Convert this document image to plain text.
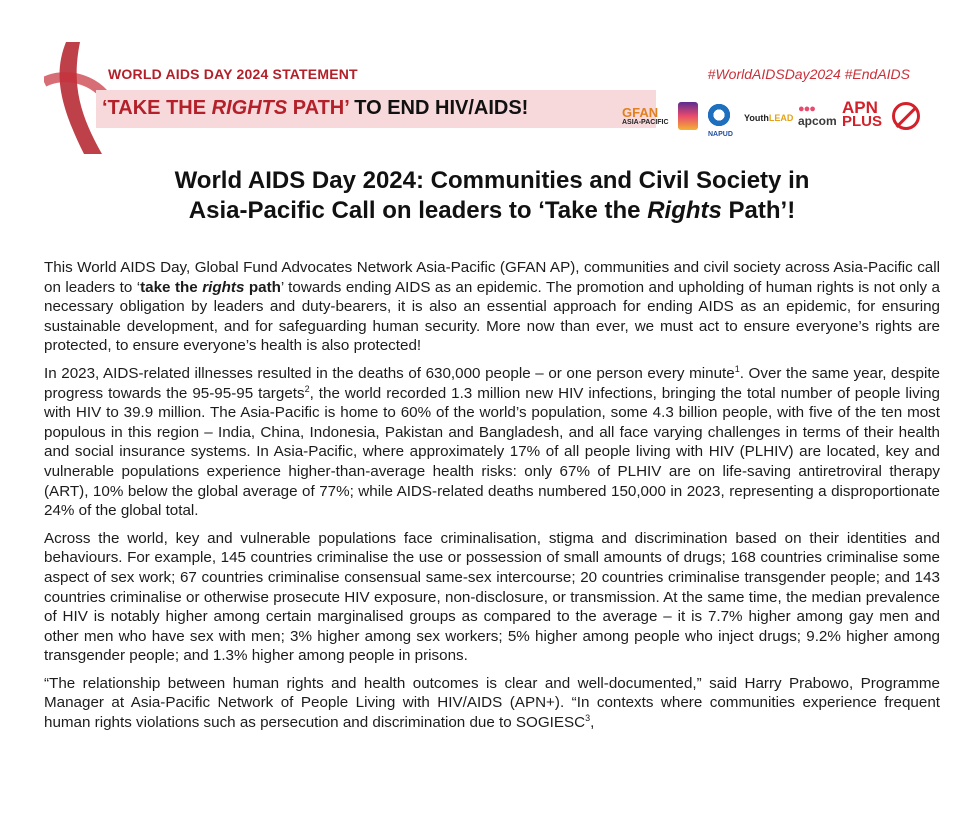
WORLD AIDS DAY 2024 STATEMENT	#WorldAIDSDay2024 #EndAIDS
‘TAKE THE RIGHTS PATH’ TO END HIV/AIDS!	GFAN
ASIA-PACIFIC
NAPUD
YouthLEAD
●●●
apcom
APN
PLUS
World AIDS Day 2024: Communities and Civil Society in
Asia-Pacific Call on leaders to ‘Take the Rights Path’!

This World AIDS Day, Global Fund Advocates Network Asia-Pacific (GFAN AP), communities and civil society across Asia-Pacific call on leaders to ‘take the rights path’ towards ending AIDS as an epidemic. The promotion and upholding of human rights is not only a necessary obligation by leaders and duty-bearers, it is also an essential approach for ending AIDS as an epidemic, for ensuring sustainable development, and for safeguarding human security. More now than ever, we must act to ensure everyone’s rights are protected, to ensure everyone’s health is also protected!

In 2023, AIDS-related illnesses resulted in the deaths of 630,000 people – or one person every minute$^1$. Over the same year, despite progress towards the 95-95-95 targets$^2$, the world recorded 1.3 million new HIV infections, bringing the total number of people living with HIV to 39.9 million. The Asia-Pacific is home to 60% of the world’s population, some 4.3 billion people, with five of the ten most populous in this region – India, China, Indonesia, Pakistan and Bangladesh, and all face varying challenges in terms of their health and social insurance systems. In Asia-Pacific, where approximately 17% of all people living with HIV (PLHIV) are located, key and vulnerable populations experience higher-than-average health risks: only 67% of PLHIV are on life-saving antiretroviral therapy (ART), 10% below the global average of 77%; while AIDS-related deaths numbered 150,000 in 2023, representing a disproportionate 24% of the global total.

Across the world, key and vulnerable populations face criminalisation, stigma and discrimination based on their identities and behaviours. For example, 145 countries criminalise the use or possession of small amounts of drugs; 168 countries criminalise some aspect of sex work; 67 countries criminalise consensual same-sex intercourse; 20 countries criminalise transgender people; and 143 countries criminalise or otherwise prosecute HIV exposure, non-disclosure, or transmission. At the same time, the median prevalence of HIV is notably higher among certain marginalised groups as compared to the average – it is 7.7% higher among gay men and other men who have sex with men; 3% higher among sex workers; 5% higher among people who inject drugs; 9.2% higher among transgender people; and 1.3% higher among people in prisons.

“The relationship between human rights and health outcomes is clear and well-documented,” said Harry Prabowo, Programme Manager at Asia-Pacific Network of People Living with HIV/AIDS (APN+). “In contexts where communities experience frequent human rights violations such as persecution and discrimination due to SOGIESC$^3$,
